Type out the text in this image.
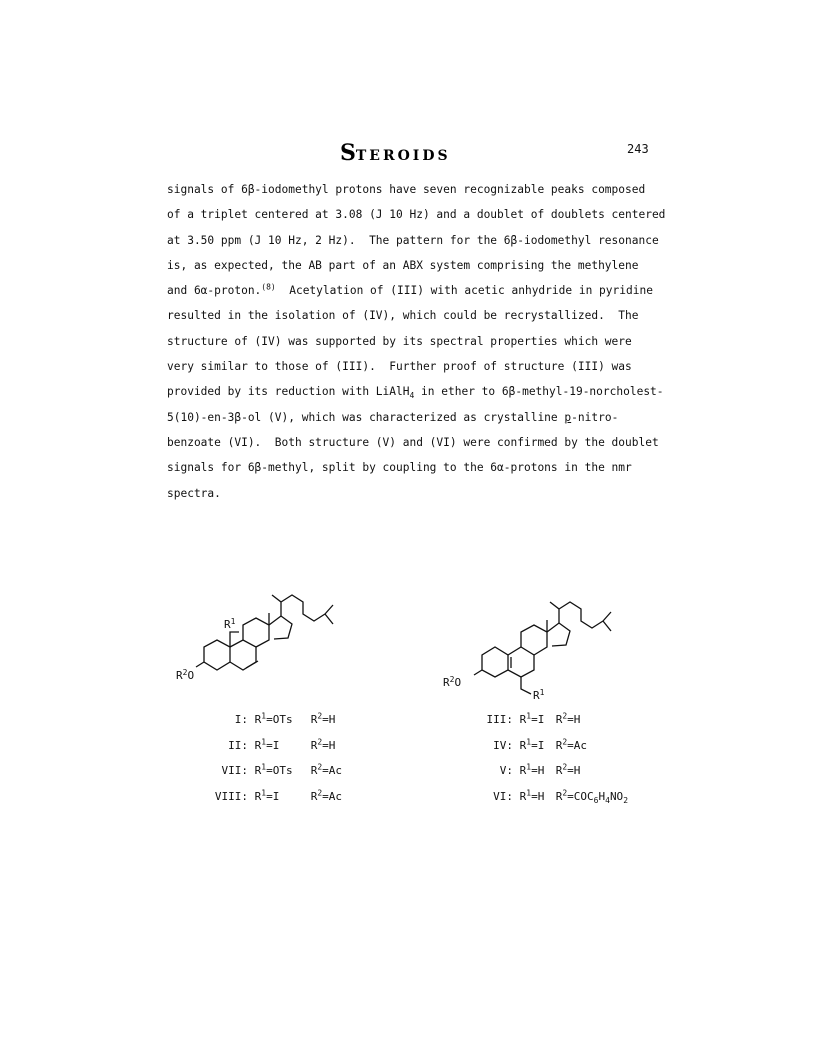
STEROIDS	243
signals of 6β-iodomethyl protons have seven recognizable peaks composed
of a triplet centered at 3.08 (J 10 Hz) and a doublet of doublets centered
at 3.50 ppm (J 10 Hz, 2 Hz).  The pattern for the 6β-iodomethyl resonance
is, as expected, the AB part of an ABX system comprising the methylene
and 6α-proton.$^{(8)}$  Acetylation of (III) with acetic anhydride in pyridine
resulted in the isolation of (IV), which could be recrystallized.  The
structure of (IV) was supported by its spectral properties which were
very similar to those of (III).  Further proof of structure (III) was
provided by its reduction with LiAlH$_4$ in ether to 6β-methyl-19-norcholest-
5(10)-en-3β-ol (V), which was characterized as crystalline p-nitro-
benzoate (VI).  Both structure (V) and (VI) were confirmed by the doublet
signals for 6β-methyl, split by coupling to the 6α-protons in the nmr
spectra.
$R^1$
$R^2O$
$R^1$
$R^2O$
I: $R^1=OTs$ $R^2=H$
II: $R^1=I$	$R^2=H$
VII: $R^1=OTs$ $R^2=Ac$
VIII: $R^1=I$	$R^2=Ac$
III: $R^1=I$ $R^2=H$
IV: $R^1=I$ $R^2=Ac$
V: $R^1=H$ $R^2=H$
VI: $R^1=H$ $R^2=COC_6H_4NO_2$
